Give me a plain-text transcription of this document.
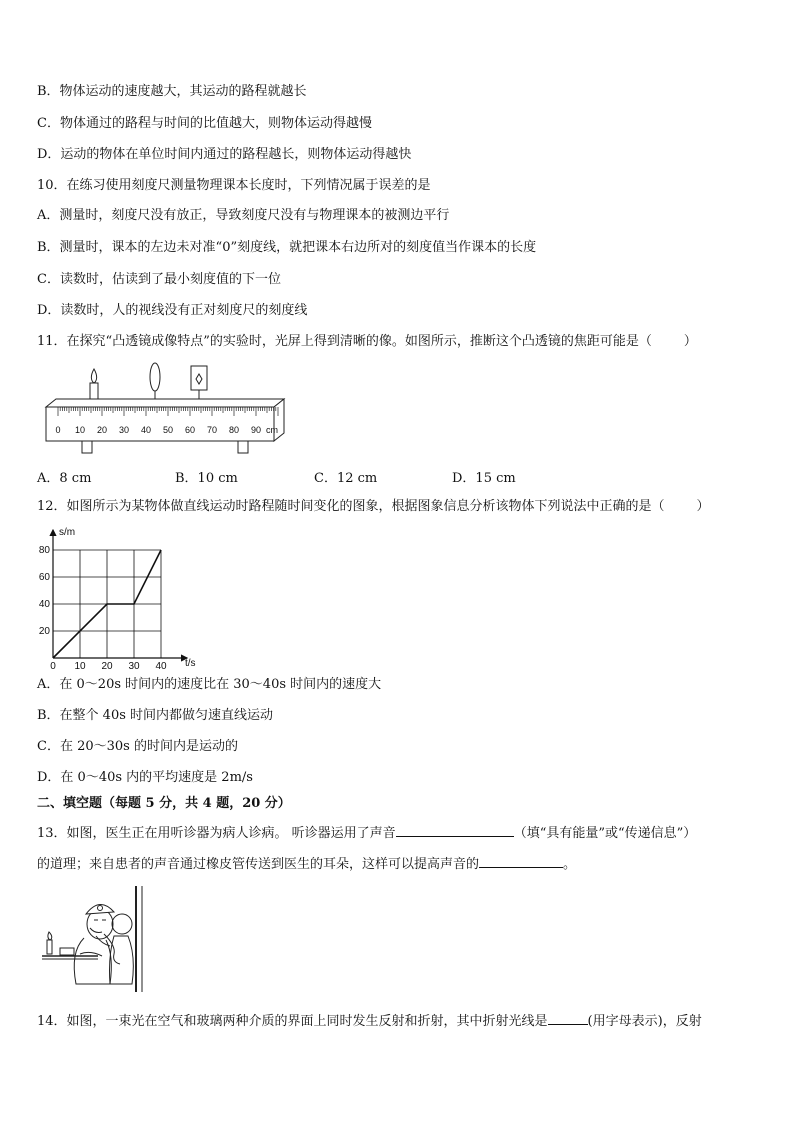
B．物体运动的速度越大，其运动的路程就越长
C．物体通过的路程与时间的比值越大，则物体运动得越慢
D．运动的物体在单位时间内通过的路程越长，则物体运动得越快
10．在练习使用刻度尺测量物理课本长度时，下列情况属于误差的是
A．测量时，刻度尺没有放正，导致刻度尺没有与物理课本的被测边平行
B．测量时，课本的左边未对准“0”刻度线，就把课本右边所对的刻度值当作课本的长度
C．读数时，估读到了最小刻度值的下一位
D．读数时，人的视线没有正对刻度尺的刻度线
11．在探究“凸透镜成像特点”的实验时，光屏上得到清晰的像。如图所示，推断这个凸透镜的焦距可能是（ ）
0 10 20 30 40 50 60 70 80 90 cm
A．8 cm	B．10 cm	C．12 cm	D．15 cm
12．如图所示为某物体做直线运动时路程随时间变化的图象，根据图象信息分析该物体下列说法中正确的是（ ）
0 10 20 30 40
20
40
60
80
s/m
t/s
A．在 0～20s 时间内的速度比在 30～40s 时间内的速度大
B．在整个 40s 时间内都做匀速直线运动
C．在 20～30s 的时间内是运动的
D．在 0～40s 内的平均速度是 2m/s
二、填空题（每题 5 分，共 4 题，20 分）
13．如图，医生正在用听诊器为病人诊病。 听诊器运用了声音	（填“具有能量”或“传递信息”）
的道理；来自患者的声音通过橡皮管传送到医生的耳朵，这样可以提高声音的	。
14．如图，一束光在空气和玻璃两种介质的界面上同时发生反射和折射，其中折射光线是	(用字母表示)，反射
